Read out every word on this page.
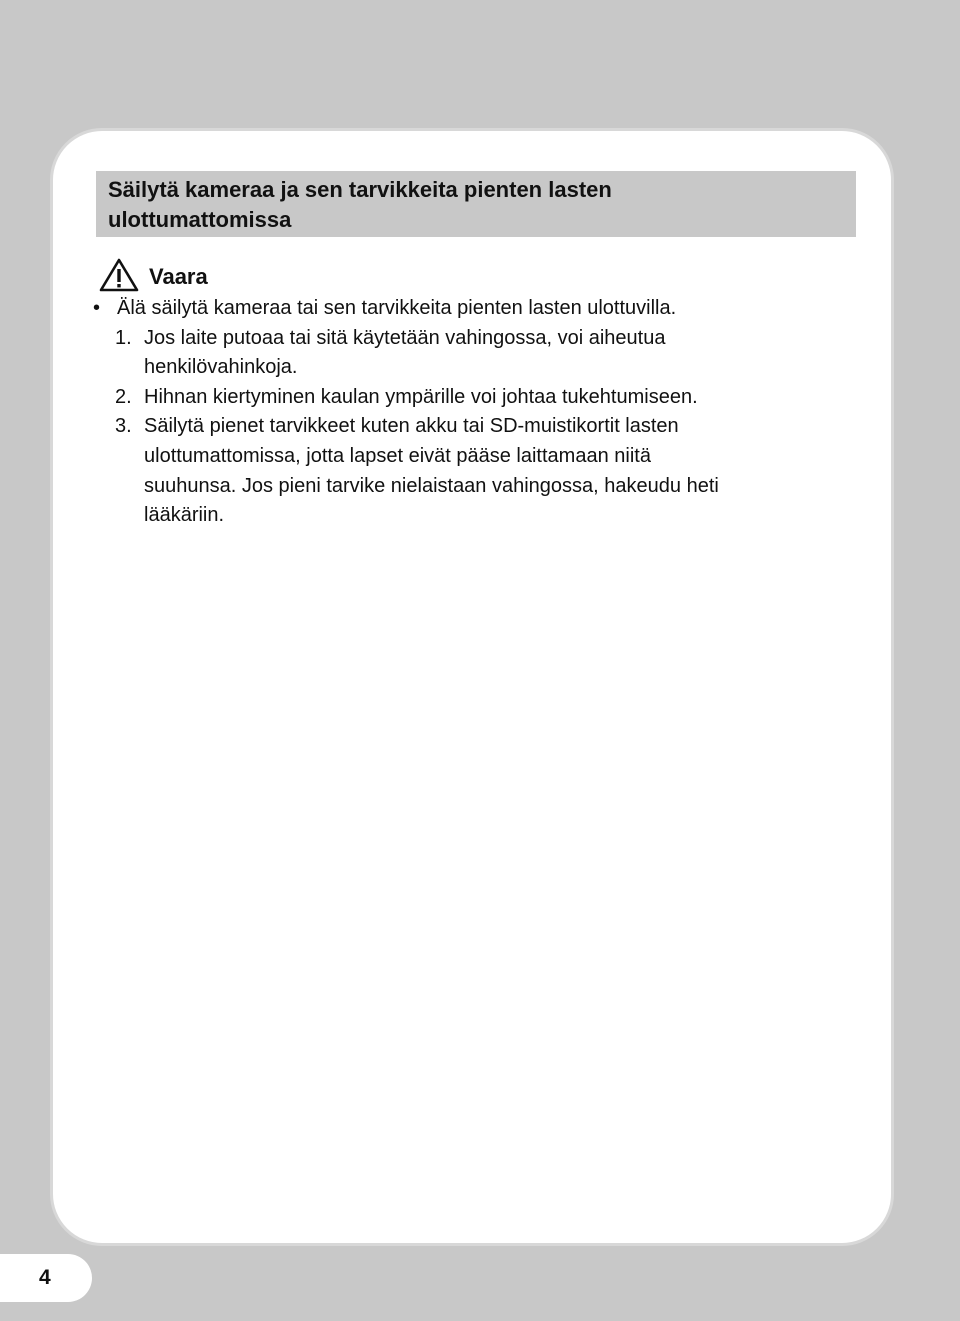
Säilytä kameraa ja sen tarvikkeita pienten lasten
ulottumattomissa
Vaara
• Älä säilytä kameraa tai sen tarvikkeita pienten lasten ulottuvilla.
1. Jos laite putoaa tai sitä käytetään vahingossa, voi aiheutua
henkilövahinkoja.
2. Hihnan kiertyminen kaulan ympärille voi johtaa tukehtumiseen.
3. Säilytä pienet tarvikkeet kuten akku tai SD-muistikortit lasten
ulottumattomissa, jotta lapset eivät pääse laittamaan niitä
suuhunsa. Jos pieni tarvike nielaistaan vahingossa, hakeudu heti
lääkäriin.
4
